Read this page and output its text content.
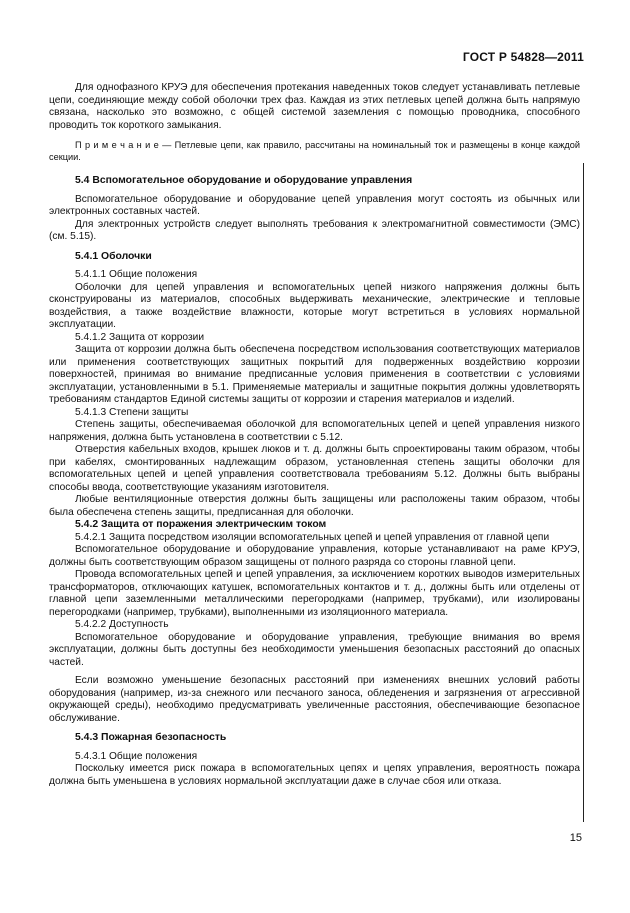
ГОСТ Р 54828—2011

Для однофазного КРУЭ для обеспечения протекания наведенных токов следует устанавливать петлевые цепи, соединяющие между собой оболочки трех фаз. Каждая из этих петлевых цепей должна быть напрямую связана, насколько это возможно, с общей системой заземления с помощью проводника, способного проводить ток короткого замыкания.

П р и м е ч а н и е — Петлевые цепи, как правило, рассчитаны на номинальный ток и размещены в конце каждой секции.

5.4 Вспомогательное оборудование и оборудование управления

Вспомогательное оборудование и оборудование цепей управления могут состоять из обычных или электронных составных частей.

Для электронных устройств следует выполнять требования к электромагнитной совместимости (ЭМС) (см. 5.15).

5.4.1 Оболочки

5.4.1.1 Общие положения

Оболочки для цепей управления и вспомогательных цепей низкого напряжения должны быть сконструированы из материалов, способных выдерживать механические, электрические и тепловые воздействия, а также воздействие влажности, которые могут встретиться в условиях нормальной эксплуатации.

5.4.1.2 Защита от коррозии

Защита от коррозии должна быть обеспечена посредством использования соответствующих материалов или применения соответствующих защитных покрытий для подверженных воздействию коррозии поверхностей, принимая во внимание предписанные условия применения в соответствии с условиями эксплуатации, установленными в 5.1. Применяемые материалы и защитные покрытия должны удовлетворять требованиям стандартов Единой системы защиты от коррозии и старения материалов и изделий.

5.4.1.3 Степени защиты

Степень защиты, обеспечиваемая оболочкой для вспомогательных цепей и цепей управления низкого напряжения, должна быть установлена в соответствии с 5.12.

Отверстия кабельных входов, крышек люков и т. д. должны быть спроектированы таким образом, чтобы при кабелях, смонтированных надлежащим образом, установленная степень защиты оболочки для вспомогательных цепей и цепей управления соответствовала требованиям 5.12. Должны быть выбраны способы ввода, соответствующие указаниям изготовителя.

Любые вентиляционные отверстия должны быть защищены или расположены таким образом, чтобы была обеспечена степень защиты, предписанная для оболочки.

5.4.2 Защита от поражения электрическим током

5.4.2.1 Защита посредством изоляции вспомогательных цепей и цепей управления от главной цепи

Вспомогательное оборудование и оборудование управления, которые устанавливают на раме КРУЭ, должны быть соответствующим образом защищены от полного разряда со стороны главной цепи.

Провода вспомогательных цепей и цепей управления, за исключением коротких выводов измерительных трансформаторов, отключающих катушек, вспомогательных контактов и т. д., должны быть или отделены от главной цепи заземленными металлическими перегородками (например, трубками), или изолированы перегородками (например, трубками), выполненными из изоляционного материала.

5.4.2.2 Доступность

Вспомогательное оборудование и оборудование управления, требующие внимания во время эксплуатации, должны быть доступны без необходимости уменьшения безопасных расстояний до опасных частей.

Если возможно уменьшение безопасных расстояний при изменениях внешних условий работы оборудования (например, из-за снежного или песчаного заноса, обледенения и загрязнения от агрессивной окружающей среды), необходимо предусматривать увеличенные расстояния, обеспечивающие безопасное обслуживание.

5.4.3 Пожарная безопасность

5.4.3.1 Общие положения

Поскольку имеется риск пожара в вспомогательных цепях и цепях управления, вероятность пожара должна быть уменьшена в условиях нормальной эксплуатации даже в случае сбоя или отказа.

15
